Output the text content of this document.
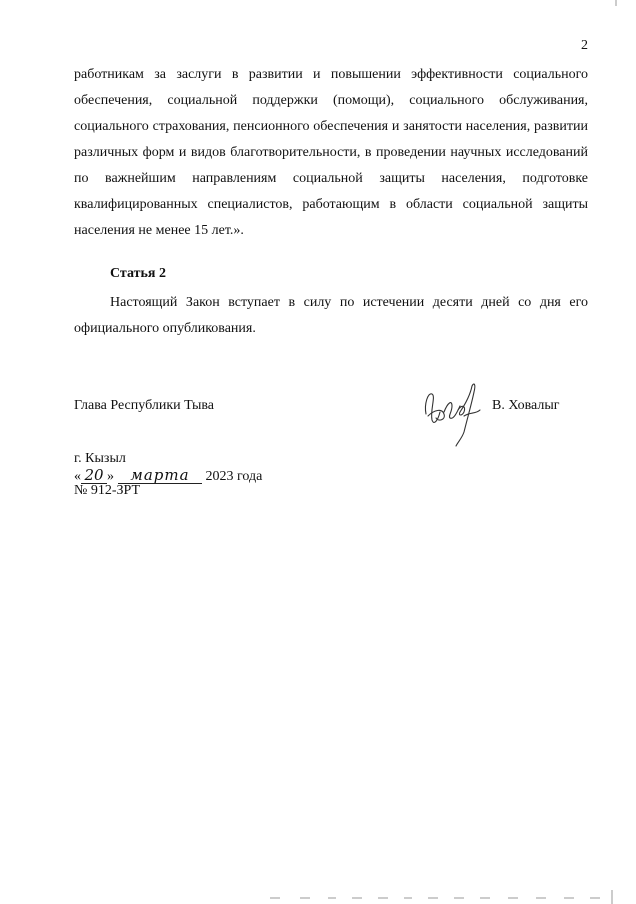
2

работникам за заслуги в развитии и повышении эффективности социального обеспечения, социальной поддержки (помощи), социального обслуживания, социального страхования, пенсионного обеспечения и занятости населения, развитии различных форм и видов благотворительности, в проведении научных исследований по важнейшим направлениям социальной защиты населения, подготовке квалифицированных специалистов, работающим в области социальной защиты населения не менее 15 лет.».

Статья 2
Настоящий Закон вступает в силу по истечении десяти дней со дня его официального опубликования.
Глава Республики Тыва	В. Ховалыг
г. Кызыл
« 20 » марта 2023 года
№ 912-ЗРТ
